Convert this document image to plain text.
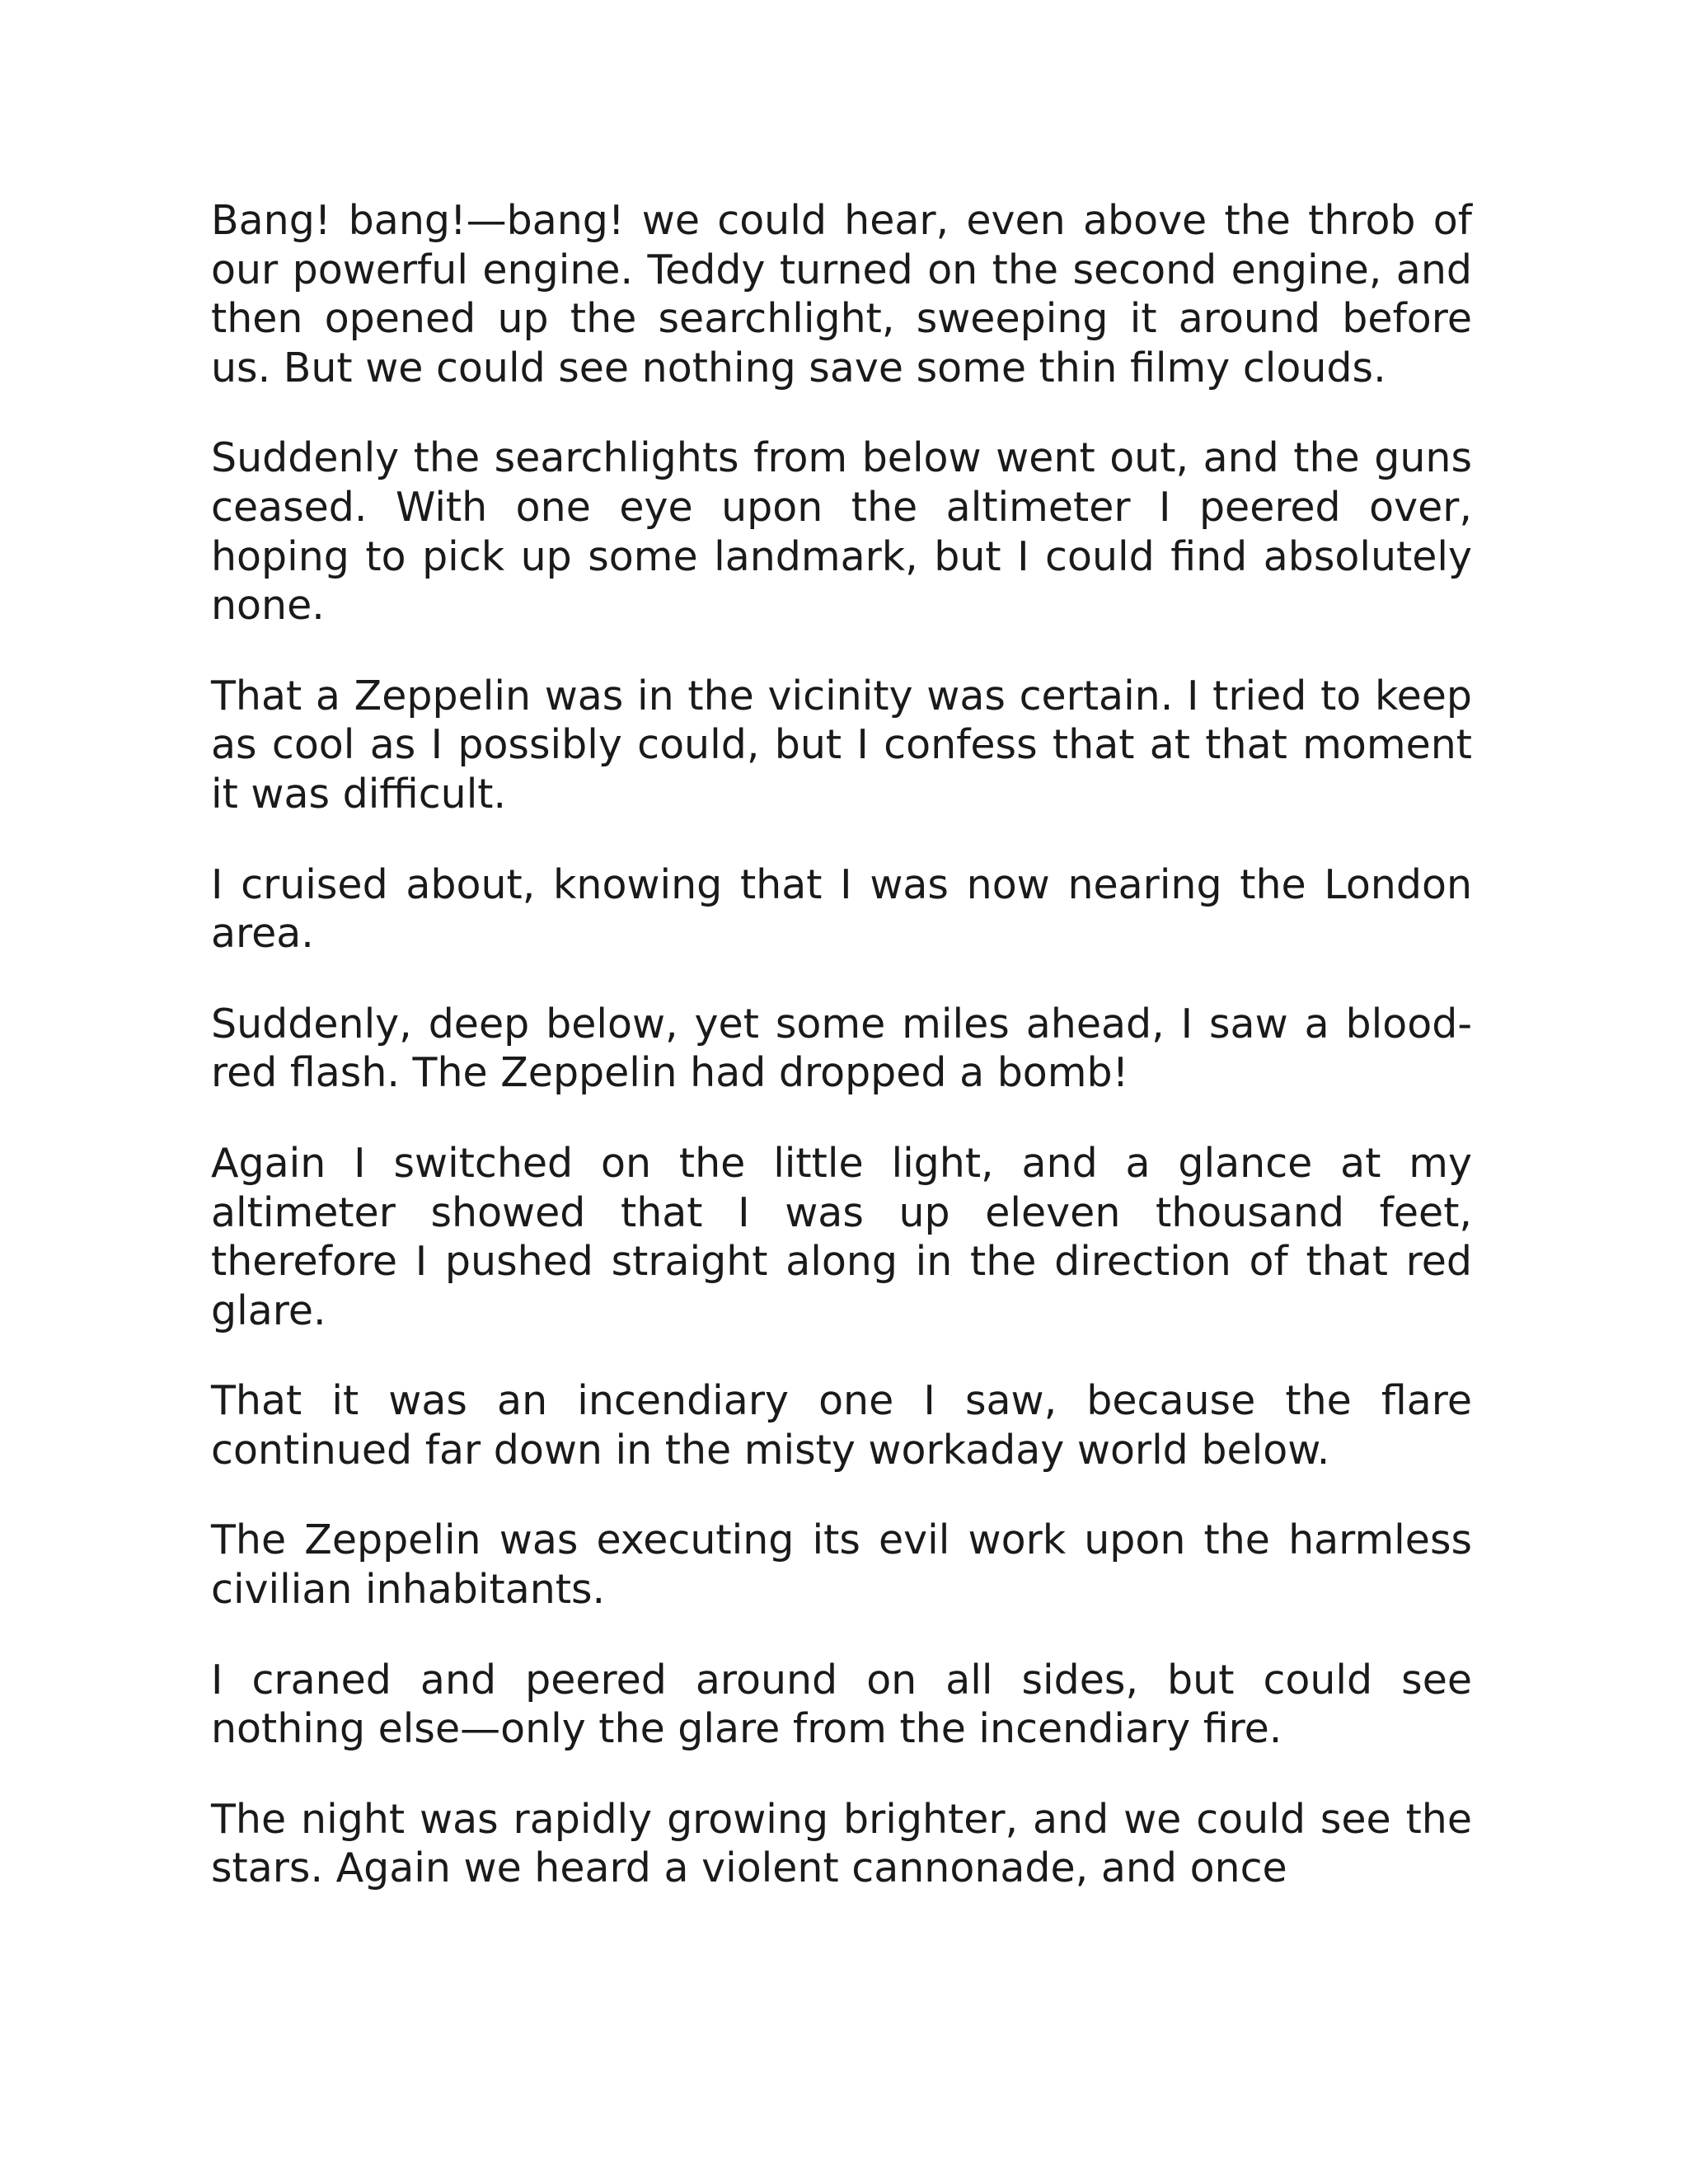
Bang! bang!—bang! we could hear, even above the throb of our powerful engine. Teddy turned on the second engine, and then opened up the searchlight, sweeping it around before us. But we could see nothing save some thin filmy clouds.

Suddenly the searchlights from below went out, and the guns ceased. With one eye upon the altimeter I peered over, hoping to pick up some landmark, but I could find absolutely none.

That a Zeppelin was in the vicinity was certain. I tried to keep as cool as I possibly could, but I confess that at that moment it was difficult.

I cruised about, knowing that I was now nearing the London area.

Suddenly, deep below, yet some miles ahead, I saw a blood-red flash. The Zeppelin had dropped a bomb!

Again I switched on the little light, and a glance at my altimeter showed that I was up eleven thousand feet, therefore I pushed straight along in the direction of that red glare.

That it was an incendiary one I saw, because the flare continued far down in the misty workaday world below.

The Zeppelin was executing its evil work upon the harmless civilian inhabitants.

I craned and peered around on all sides, but could see nothing else—only the glare from the incendiary fire.

The night was rapidly growing brighter, and we could see the stars. Again we heard a violent cannonade, and once
